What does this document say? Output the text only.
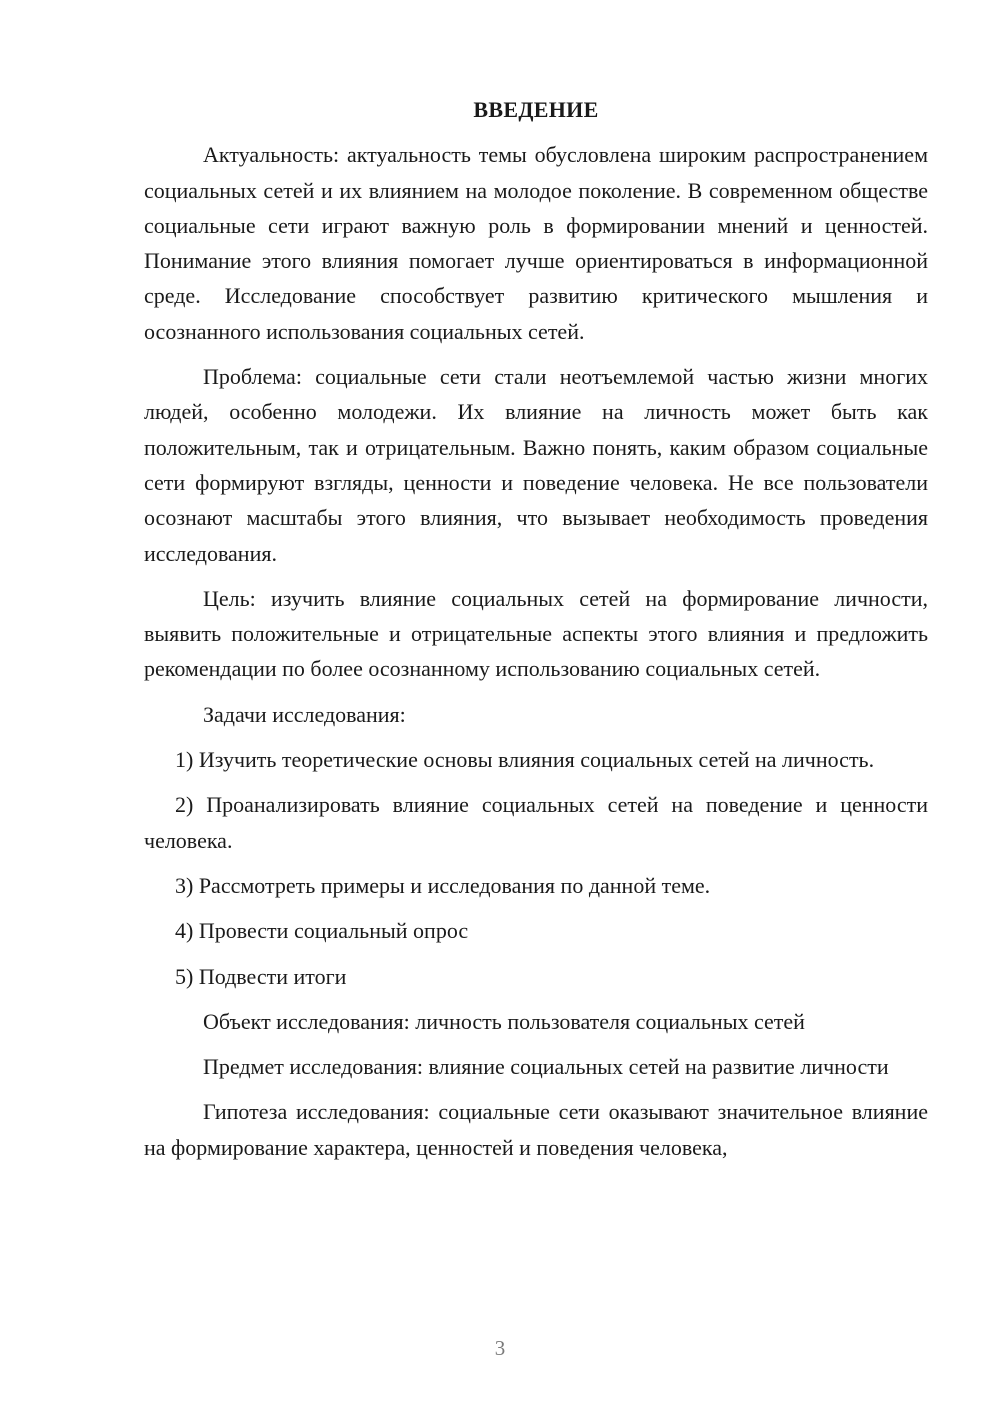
ВВЕДЕНИЕ

Актуальность: актуальность темы обусловлена широким распространением социальных сетей и их влиянием на молодое поколение. В современном обществе социальные сети играют важную роль в формировании мнений и ценностей. Понимание этого влияния помогает лучше ориентироваться в информационной среде. Исследование способствует развитию критического мышления и осознанного использования социальных сетей.

Проблема: социальные сети стали неотъемлемой частью жизни многих людей, особенно молодежи. Их влияние на личность может быть как положительным, так и отрицательным. Важно понять, каким образом социальные сети формируют взгляды, ценности и поведение человека. Не все пользователи осознают масштабы этого влияния, что вызывает необходимость проведения исследования.

Цель: изучить влияние социальных сетей на формирование личности, выявить положительные и отрицательные аспекты этого влияния и предложить рекомендации по более осознанному использованию социальных сетей.

Задачи исследования:

1) Изучить теоретические основы влияния социальных сетей на личность.

2) Проанализировать влияние социальных сетей на поведение и ценности человека.

3) Рассмотреть примеры и исследования по данной теме.

4) Провести социальный опрос

5) Подвести итоги

Объект исследования: личность пользователя социальных сетей

Предмет исследования: влияние социальных сетей на развитие личности

Гипотеза исследования: социальные сети оказывают значительное влияние на формирование характера, ценностей и поведения человека,

3
